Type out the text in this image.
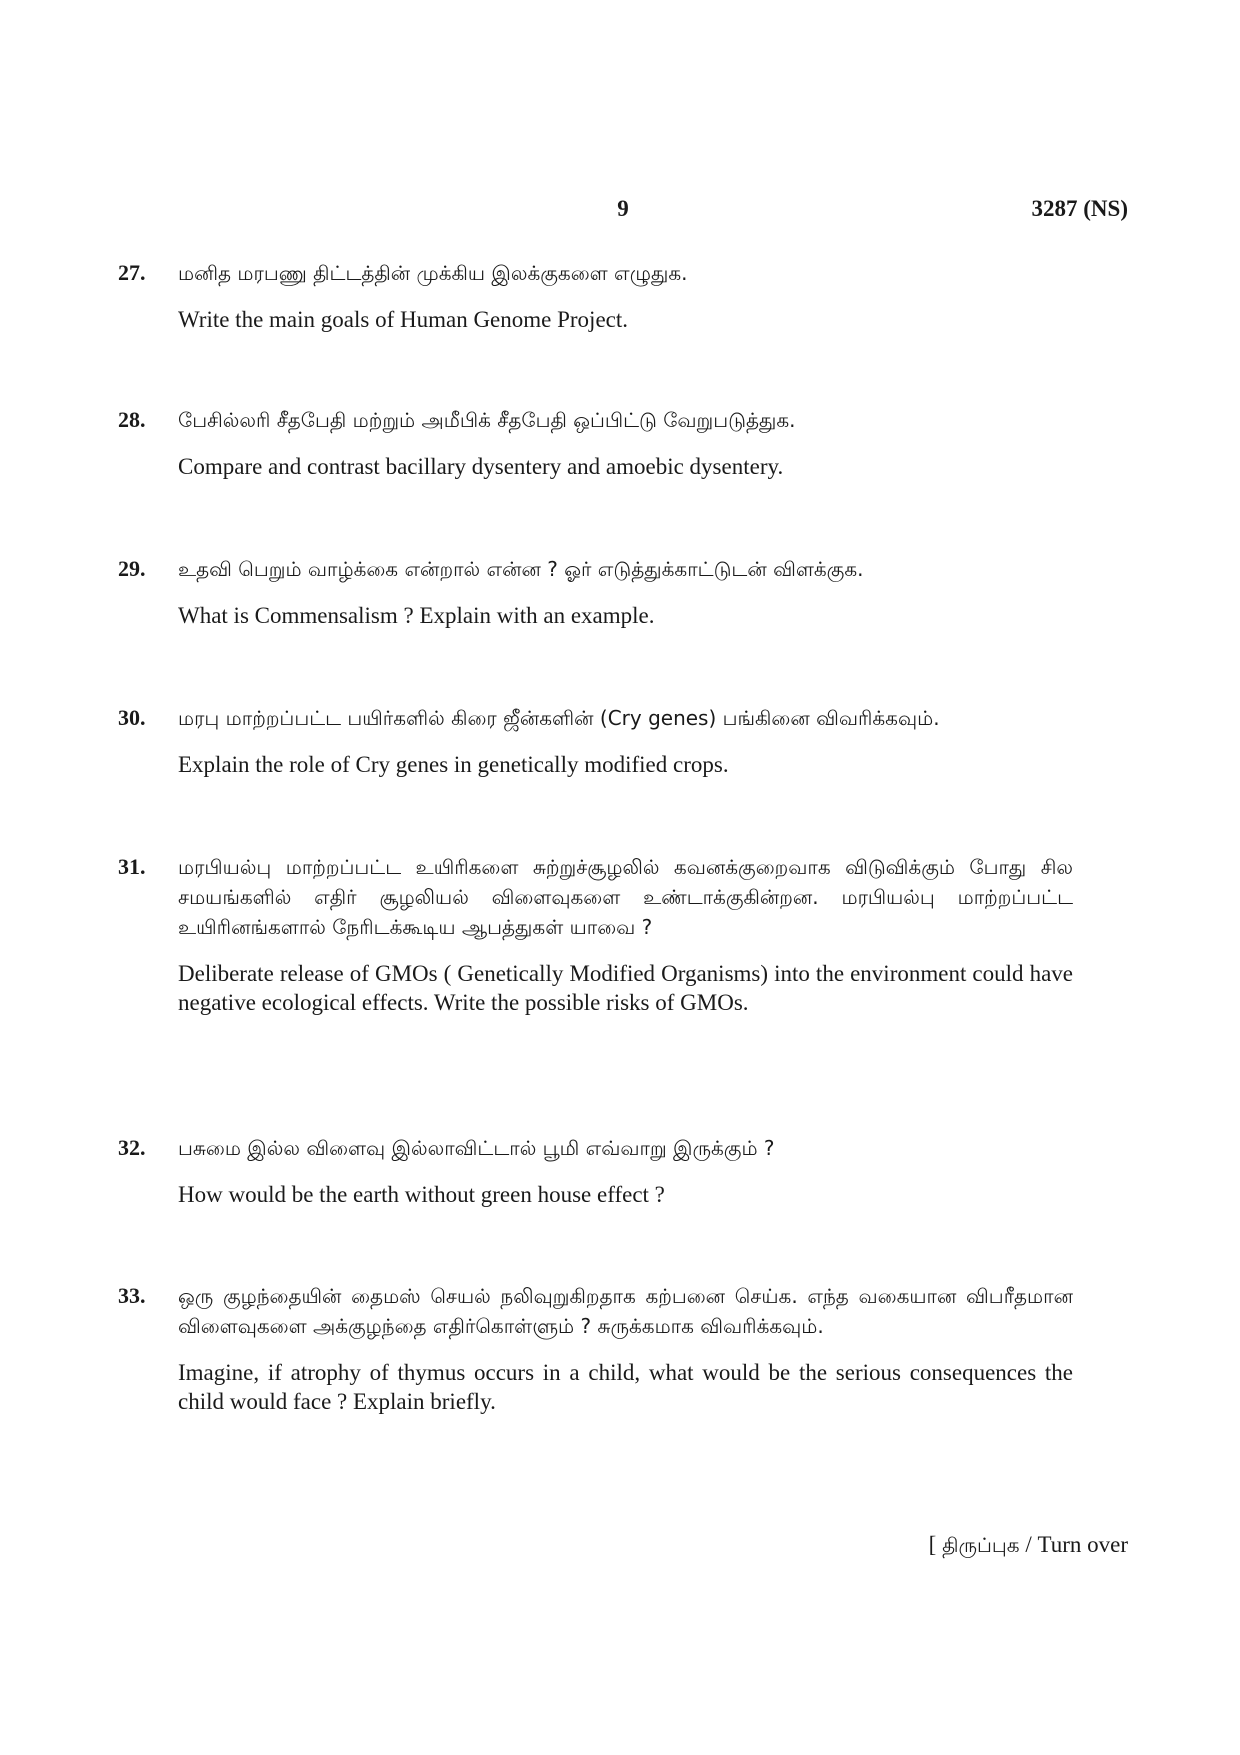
9	3287 (NS)
27. மனித மரபணு திட்டத்தின் முக்கிய இலக்குகளை எழுதுக.

Write the main goals of Human Genome Project.

28. பேசில்லரி சீதபேதி மற்றும் அமீபிக் சீதபேதி ஒப்பிட்டு வேறுபடுத்துக.

Compare and contrast bacillary dysentery and amoebic dysentery.

29. உதவி பெறும் வாழ்க்கை என்றால் என்ன ? ஓர் எடுத்துக்காட்டுடன் விளக்குக.

What is Commensalism ? Explain with an example.

30. மரபு மாற்றப்பட்ட பயிர்களில் கிரை ஜீன்களின் (Cry genes) பங்கினை விவரிக்கவும்.

Explain the role of Cry genes in genetically modified crops.

31. மரபியல்பு மாற்றப்பட்ட உயிரிகளை சுற்றுச்சூழலில் கவனக்குறைவாக விடுவிக்கும் போது சில சமயங்களில் எதிர் சூழலியல் விளைவுகளை உண்டாக்குகின்றன. மரபியல்பு மாற்றப்பட்ட உயிரினங்களால் நேரிடக்கூடிய ஆபத்துகள் யாவை ?

Deliberate release of GMOs ( Genetically Modified Organisms) into the environment could have negative ecological effects. Write the possible risks of GMOs.

32. பசுமை இல்ல விளைவு இல்லாவிட்டால் பூமி எவ்வாறு இருக்கும் ?

How would be the earth without green house effect ?

33. ஒரு குழந்தையின் தைமஸ் செயல் நலிவுறுகிறதாக கற்பனை செய்க. எந்த வகையான விபரீதமான விளைவுகளை அக்குழந்தை எதிர்கொள்ளும் ? சுருக்கமாக விவரிக்கவும்.

Imagine, if atrophy of thymus occurs in a child, what would be the serious consequences the child would face ? Explain briefly.

[ திருப்புக / Turn over
